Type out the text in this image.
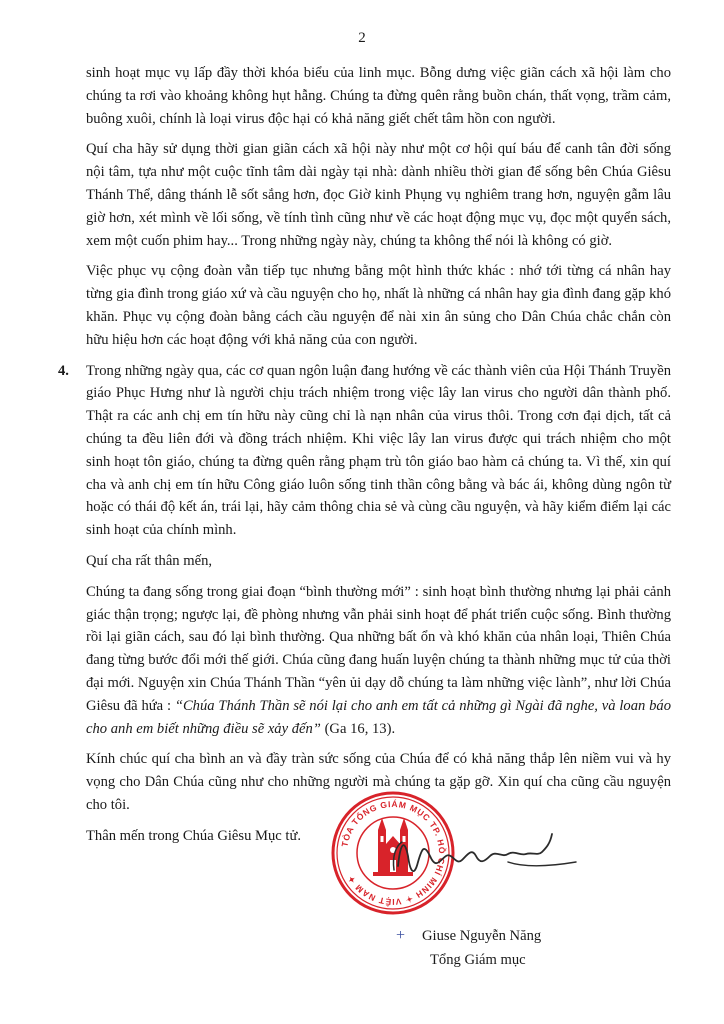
2

sinh hoạt mục vụ lấp đầy thời khóa biểu của linh mục. Bỗng dưng việc giãn cách xã hội làm cho chúng ta rơi vào khoảng không hụt hẫng. Chúng ta đừng quên rằng buồn chán, thất vọng, trầm cảm, buông xuôi, chính là loại virus độc hại có khả năng giết chết tâm hồn con người.

Quí cha hãy sử dụng thời gian giãn cách xã hội này như một cơ hội quí báu để canh tân đời sống nội tâm, tựa như một cuộc tĩnh tâm dài ngày tại nhà: dành nhiều thời gian để sống bên Chúa Giêsu Thánh Thể, dâng thánh lễ sốt sắng hơn, đọc Giờ kinh Phụng vụ nghiêm trang hơn, nguyện gẫm lâu giờ hơn, xét mình về lối sống, về tính tình cũng như về các hoạt động mục vụ, đọc một quyển sách, xem một cuốn phim hay... Trong những ngày này, chúng ta không thể nói là không có giờ.

Việc phục vụ cộng đoàn vẫn tiếp tục nhưng bằng một hình thức khác : nhớ tới từng cá nhân hay từng gia đình trong giáo xứ và cầu nguyện cho họ, nhất là những cá nhân hay gia đình đang gặp khó khăn. Phục vụ cộng đoàn bằng cách cầu nguyện để nài xin ân sủng cho Dân Chúa chắc chắn còn hữu hiệu hơn các hoạt động với khả năng của con người.

4. Trong những ngày qua, các cơ quan ngôn luận đang hướng về các thành viên của Hội Thánh Truyền giáo Phục Hưng như là người chịu trách nhiệm trong việc lây lan virus cho người dân thành phố. Thật ra các anh chị em tín hữu này cũng chỉ là nạn nhân của virus thôi. Trong cơn đại dịch, tất cả chúng ta đều liên đới và đồng trách nhiệm. Khi việc lây lan virus được qui trách nhiệm cho một sinh hoạt tôn giáo, chúng ta đừng quên rằng phạm trù tôn giáo bao hàm cả chúng ta. Vì thế, xin quí cha và anh chị em tín hữu Công giáo luôn sống tinh thần công bằng và bác ái, không dùng ngôn từ hoặc có thái độ kết án, trái lại, hãy cảm thông chia sẻ và cùng cầu nguyện, và hãy kiểm điểm lại các sinh hoạt của chính mình.

Quí cha rất thân mến,

Chúng ta đang sống trong giai đoạn “bình thường mới” : sinh hoạt bình thường nhưng lại phải cảnh giác thận trọng; ngược lại, đề phòng nhưng vẫn phải sinh hoạt để phát triển cuộc sống. Bình thường rồi lại giãn cách, sau đó lại bình thường. Qua những bất ổn và khó khăn của nhân loại, Thiên Chúa đang từng bước đổi mới thế giới. Chúa cũng đang huấn luyện chúng ta thành những mục tử của thời đại mới. Nguyện xin Chúa Thánh Thần “yên ủi dạy dỗ chúng ta làm những việc lành”, như lời Chúa Giêsu đã hứa : “Chúa Thánh Thần sẽ nói lại cho anh em tất cả những gì Ngài đã nghe, và loan báo cho anh em biết những điều sẽ xảy đến” (Ga 16, 13).

Kính chúc quí cha bình an và đầy tràn sức sống của Chúa để có khả năng thắp lên niềm vui và hy vọng cho Dân Chúa cũng như cho những người mà chúng ta gặp gỡ. Xin quí cha cũng cầu nguyện cho tôi.

Thân mến trong Chúa Giêsu Mục tử.

TÒA TỔNG GIÁM MỤC TP. HỒ CHÍ MINH ✦ VIỆT NAM ✦
+	Giuse Nguyễn Năng
Tổng Giám mục
